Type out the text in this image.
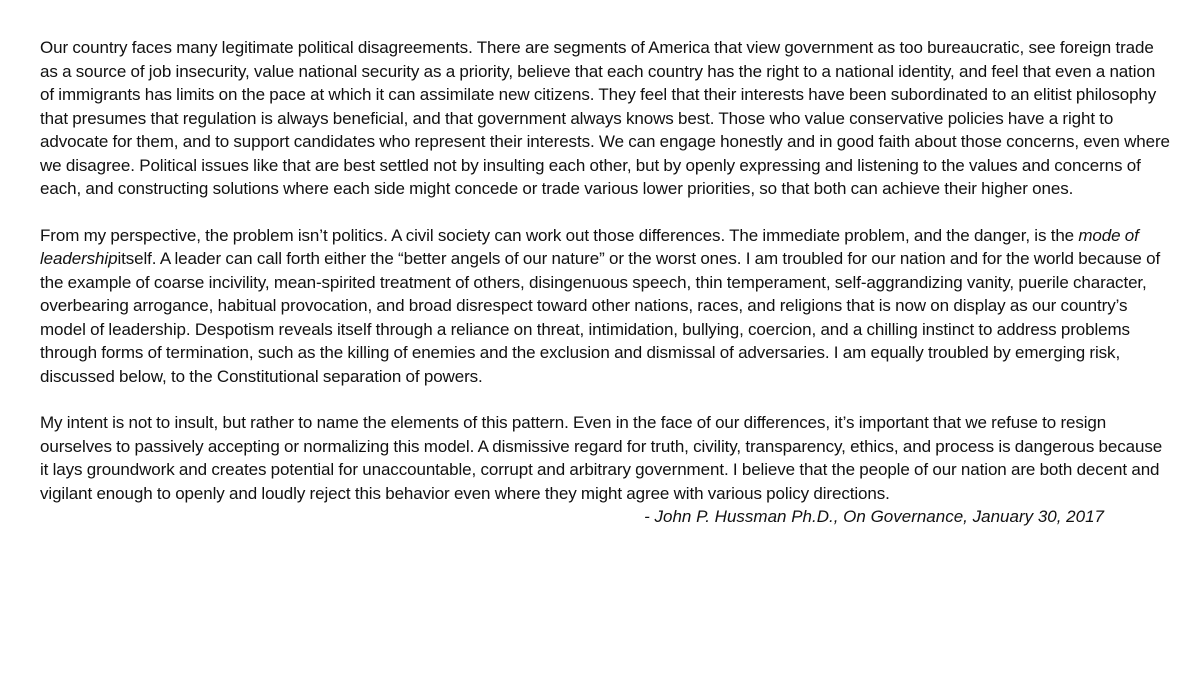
Our country faces many legitimate political disagreements. There are segments of America that view government as too bureaucratic, see foreign trade as a source of job insecurity, value national security as a priority, believe that each country has the right to a national identity, and feel that even a nation of immigrants has limits on the pace at which it can assimilate new citizens. They feel that their interests have been subordinated to an elitist philosophy that presumes that regulation is always beneficial, and that government always knows best. Those who value conservative policies have a right to advocate for them, and to support candidates who represent their interests. We can engage honestly and in good faith about those concerns, even where we disagree. Political issues like that are best settled not by insulting each other, but by openly expressing and listening to the values and concerns of each, and constructing solutions where each side might concede or trade various lower priorities, so that both can achieve their higher ones.

From my perspective, the problem isn’t politics. A civil society can work out those differences. The immediate problem, and the danger, is the mode of leadershipitself. A leader can call forth either the “better angels of our nature” or the worst ones. I am troubled for our nation and for the world because of the example of coarse incivility, mean-spirited treatment of others, disingenuous speech, thin temperament, self-aggrandizing vanity, puerile character, overbearing arrogance, habitual provocation, and broad disrespect toward other nations, races, and religions that is now on display as our country’s model of leadership. Despotism reveals itself through a reliance on threat, intimidation, bullying, coercion, and a chilling instinct to address problems through forms of termination, such as the killing of enemies and the exclusion and dismissal of adversaries. I am equally troubled by emerging risk, discussed below, to the Constitutional separation of powers.

My intent is not to insult, but rather to name the elements of this pattern. Even in the face of our differences, it’s important that we refuse to resign ourselves to passively accepting or normalizing this model. A dismissive regard for truth, civility, transparency, ethics, and process is dangerous because it lays groundwork and creates potential for unaccountable, corrupt and arbitrary government. I believe that the people of our nation are both decent and vigilant enough to openly and loudly reject this behavior even where they might agree with various policy directions.

- John P. Hussman Ph.D., On Governance, January 30, 2017
